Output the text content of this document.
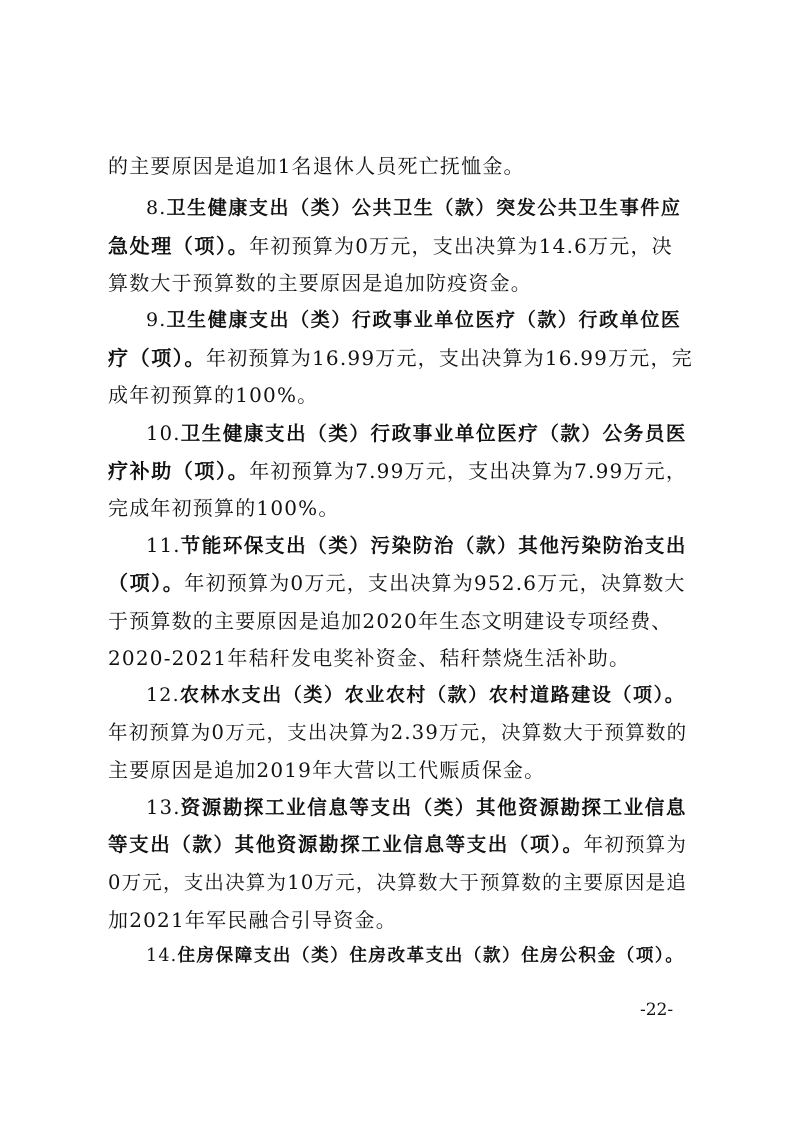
的主要原因是追加1名退休人员死亡抚恤金。
8.卫生健康支出（类）公共卫生（款）突发公共卫生事件应
急处理（项）。年初预算为0万元，支出决算为14.6万元，决
算数大于预算数的主要原因是追加防疫资金。
9.卫生健康支出（类）行政事业单位医疗（款）行政单位医
疗（项）。年初预算为16.99万元，支出决算为16.99万元，完
成年初预算的100%。
10.卫生健康支出（类）行政事业单位医疗（款）公务员医
疗补助（项）。年初预算为7.99万元，支出决算为7.99万元，
完成年初预算的100%。
11.节能环保支出（类）污染防治（款）其他污染防治支出
（项）。年初预算为0万元，支出决算为952.6万元，决算数大
于预算数的主要原因是追加2020年生态文明建设专项经费、
2020-2021年秸秆发电奖补资金、秸秆禁烧生活补助。
12.农林水支出（类）农业农村（款）农村道路建设（项）。
年初预算为0万元，支出决算为2.39万元，决算数大于预算数的
主要原因是追加2019年大营以工代赈质保金。
13.资源勘探工业信息等支出（类）其他资源勘探工业信息
等支出（款）其他资源勘探工业信息等支出（项）。年初预算为
0万元，支出决算为10万元，决算数大于预算数的主要原因是追
加2021年军民融合引导资金。
14.住房保障支出（类）住房改革支出（款）住房公积金（项）。
-22-
